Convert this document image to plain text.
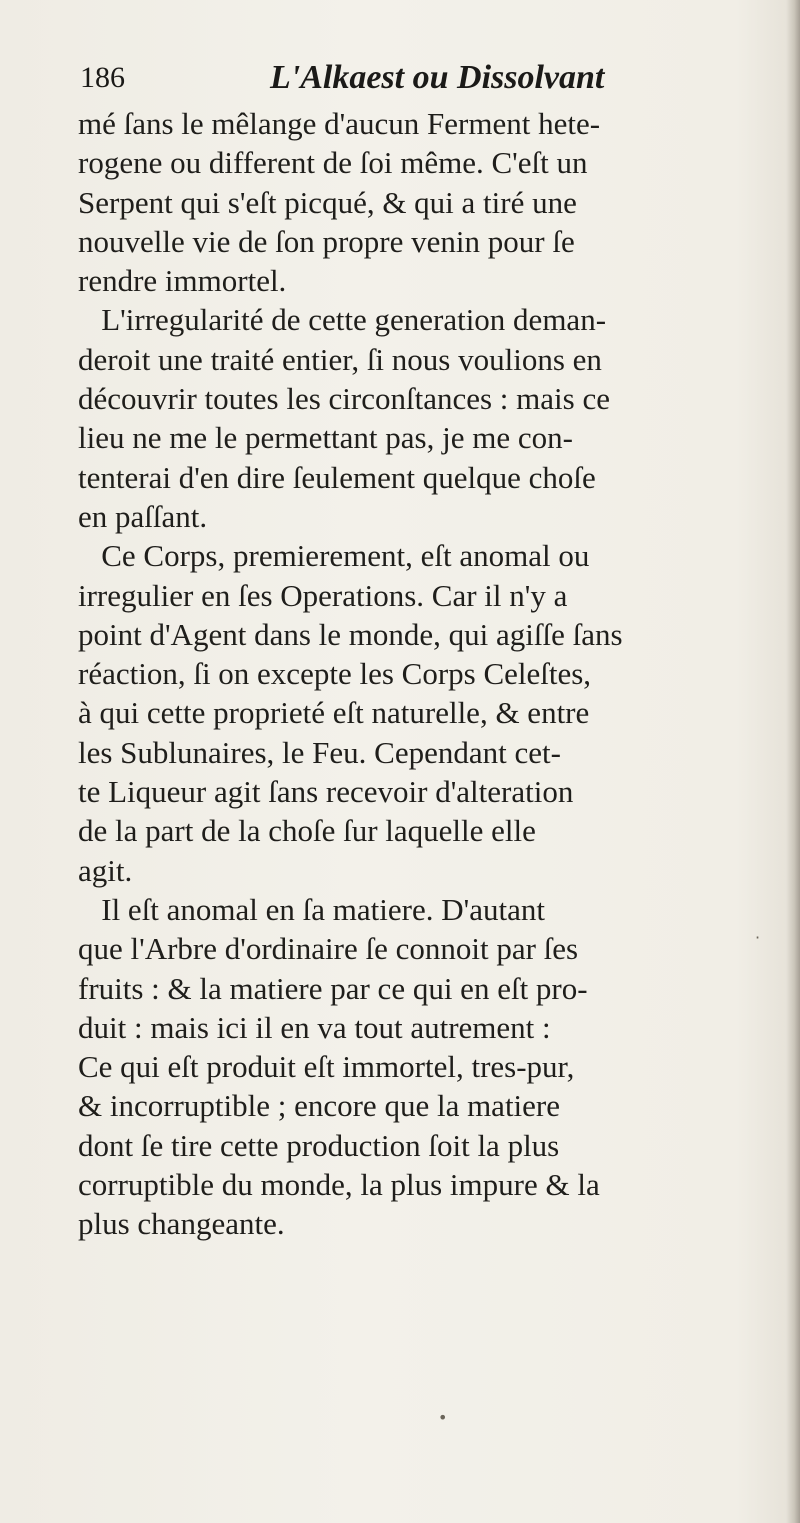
186	L'Alkaest ou Dissolvant
mé ſans le mêlange d'aucun Ferment hete-
rogene ou different de ſoi même. C'eſt un
Serpent qui s'eſt picqué, & qui a tiré une
nouvelle vie de ſon propre venin pour ſe
rendre immortel.
L'irregularité de cette generation deman-
deroit une traité entier, ſi nous voulions en
découvrir toutes les circonſtances : mais ce
lieu ne me le permettant pas, je me con-
tenterai d'en dire ſeulement quelque choſe
en paſſant.
Ce Corps, premierement, eſt anomal ou
irregulier en ſes Operations. Car il n'y a
point d'Agent dans le monde, qui agiſſe ſans
réaction, ſi on excepte les Corps Celeſtes,
à qui cette proprieté eſt naturelle, & entre
les Sublunaires, le Feu. Cependant cet-
te Liqueur agit ſans recevoir d'alteration
de la part de la choſe ſur laquelle elle
agit.
Il eſt anomal en ſa matiere. D'autant
que l'Arbre d'ordinaire ſe connoit par ſes
fruits : & la matiere par ce qui en eſt pro-
duit : mais ici il en va tout autrement :
Ce qui eſt produit eſt immortel, tres-pur,
& incorruptible ; encore que la matiere
dont ſe tire cette production ſoit la plus
corruptible du monde, la plus impure & la
plus changeante.
•
·
